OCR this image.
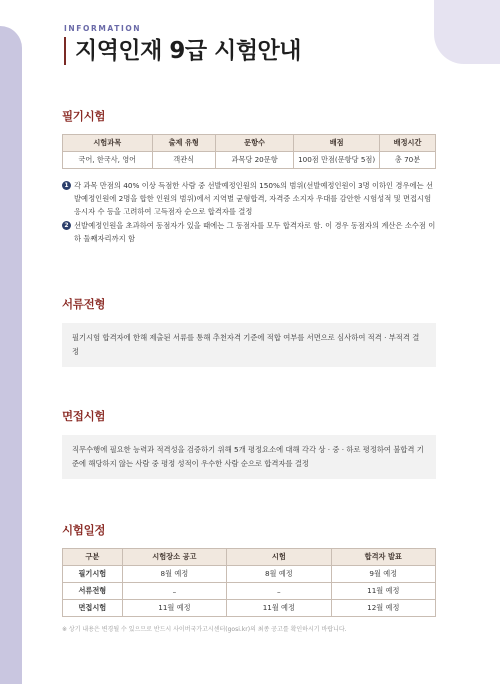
INFORMATION
지역인재 9급 시험안내
필기시험
시험과목	출제 유형	문항수	배점	배정시간
국어, 한국사, 영어	객관식	과목당 20문항	100점 만점(문항당 5점)	총 70분
1 각 과목 만점의 40% 이상 득점한 사람 중 선발예정인원의 150%의 범위(선발예정인원이 3명 이하인 경우에는 선발예정인원에 2명을 합한 인원의 범위)에서 지역별 균형합격, 자격증 소지자 우대를 감안한 시험성적 및 면접시험 응시자 수 등을 고려하여 고득점자 순으로 합격자를 결정
2 선발예정인원을 초과하여 동점자가 있을 때에는 그 동점자를 모두 합격자로 함. 이 경우 동점자의 계산은 소수점 이하 둘째자리까지 함
서류전형
필기시험 합격자에 한해 제출된 서류를 통해 추천자격 기준에 적합 여부를 서면으로 심사하여 적격 · 부적격 결정
면접시험
직무수행에 필요한 능력과 적격성을 검증하기 위해 5개 평정요소에 대해 각각 상 · 중 · 하로 평정하여 불합격 기준에 해당하지 않는 사람 중 평정 성적이 우수한 사람 순으로 합격자를 결정
시험일정
구분	시험장소 공고	시험	합격자 발표
필기시험	8월 예정	8월 예정	9월 예정
서류전형	–	–	11월 예정
면접시험	11월 예정	11월 예정	12월 예정
※ 상기 내용은 변경될 수 있으므로 반드시 사이버국가고시센터(gosi.kr)의 최종 공고를 확인하시기 바랍니다.
